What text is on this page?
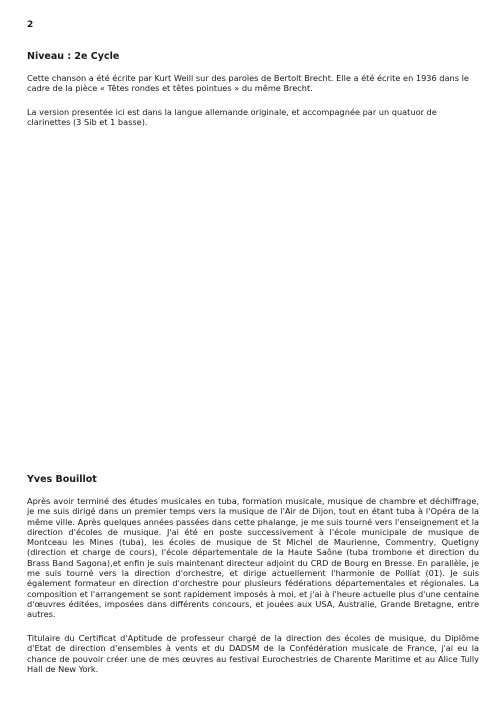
2
Niveau : 2e Cycle

Cette chanson a été écrite par Kurt Weill sur des paroles de Bertolt Brecht. Elle a été écrite en 1936 dans le cadre de la pièce « Têtes rondes et têtes pointues » du même Brecht.

La version presentée ici est dans la langue allemande originale, et accompagnée par un quatuor de clarinettes (3 Sib et 1 basse).

Yves Bouillot

Après avoir terminé des études musicales en tuba, formation musicale, musique de chambre et déchiffrage, je me suis dirigé dans un premier temps vers la musique de l'Air de Dijon, tout en étant tuba à l'Opéra de la même ville. Après quelques années passées dans cette phalange, je me suis tourné vers l'enseignement et la direction d'écoles de musique. J'ai été en poste successivement à l'école municipale de musique de Montceau les Mines (tuba), les écoles de musique de St Michel de Maurienne, Commentry, Quetigny (direction et charge de cours), l'école départementale de la Haute Saône (tuba trombone et direction du Brass Band Sagona),et enfin je suis maintenant directeur adjoint du CRD de Bourg en Bresse. En parallèle, je me suis tourné vers la direction d'orchestre, et dirige actuellement l'harmonie de Polliat (01). Je suis également formateur en direction d'orchestre pour plusieurs fédérations départementales et régionales. La composition et l'arrangement se sont rapidement imposés à moi, et j'ai à l'heure actuelle plus d'une centaine d'œuvres éditées, imposées dans différents concours, et jouées aux USA, Australie, Grande Bretagne, entre autres.

Titulaire du Certificat d'Aptitude de professeur chargé de la direction des écoles de musique, du Diplôme d'Etat de direction d'ensembles à vents et du DADSM de la Confédération musicale de France, j'ai eu la chance de pouvoir créer une de mes œuvres au festival Eurochestries de Charente Maritime et au Alice Tully Hall de New York.
